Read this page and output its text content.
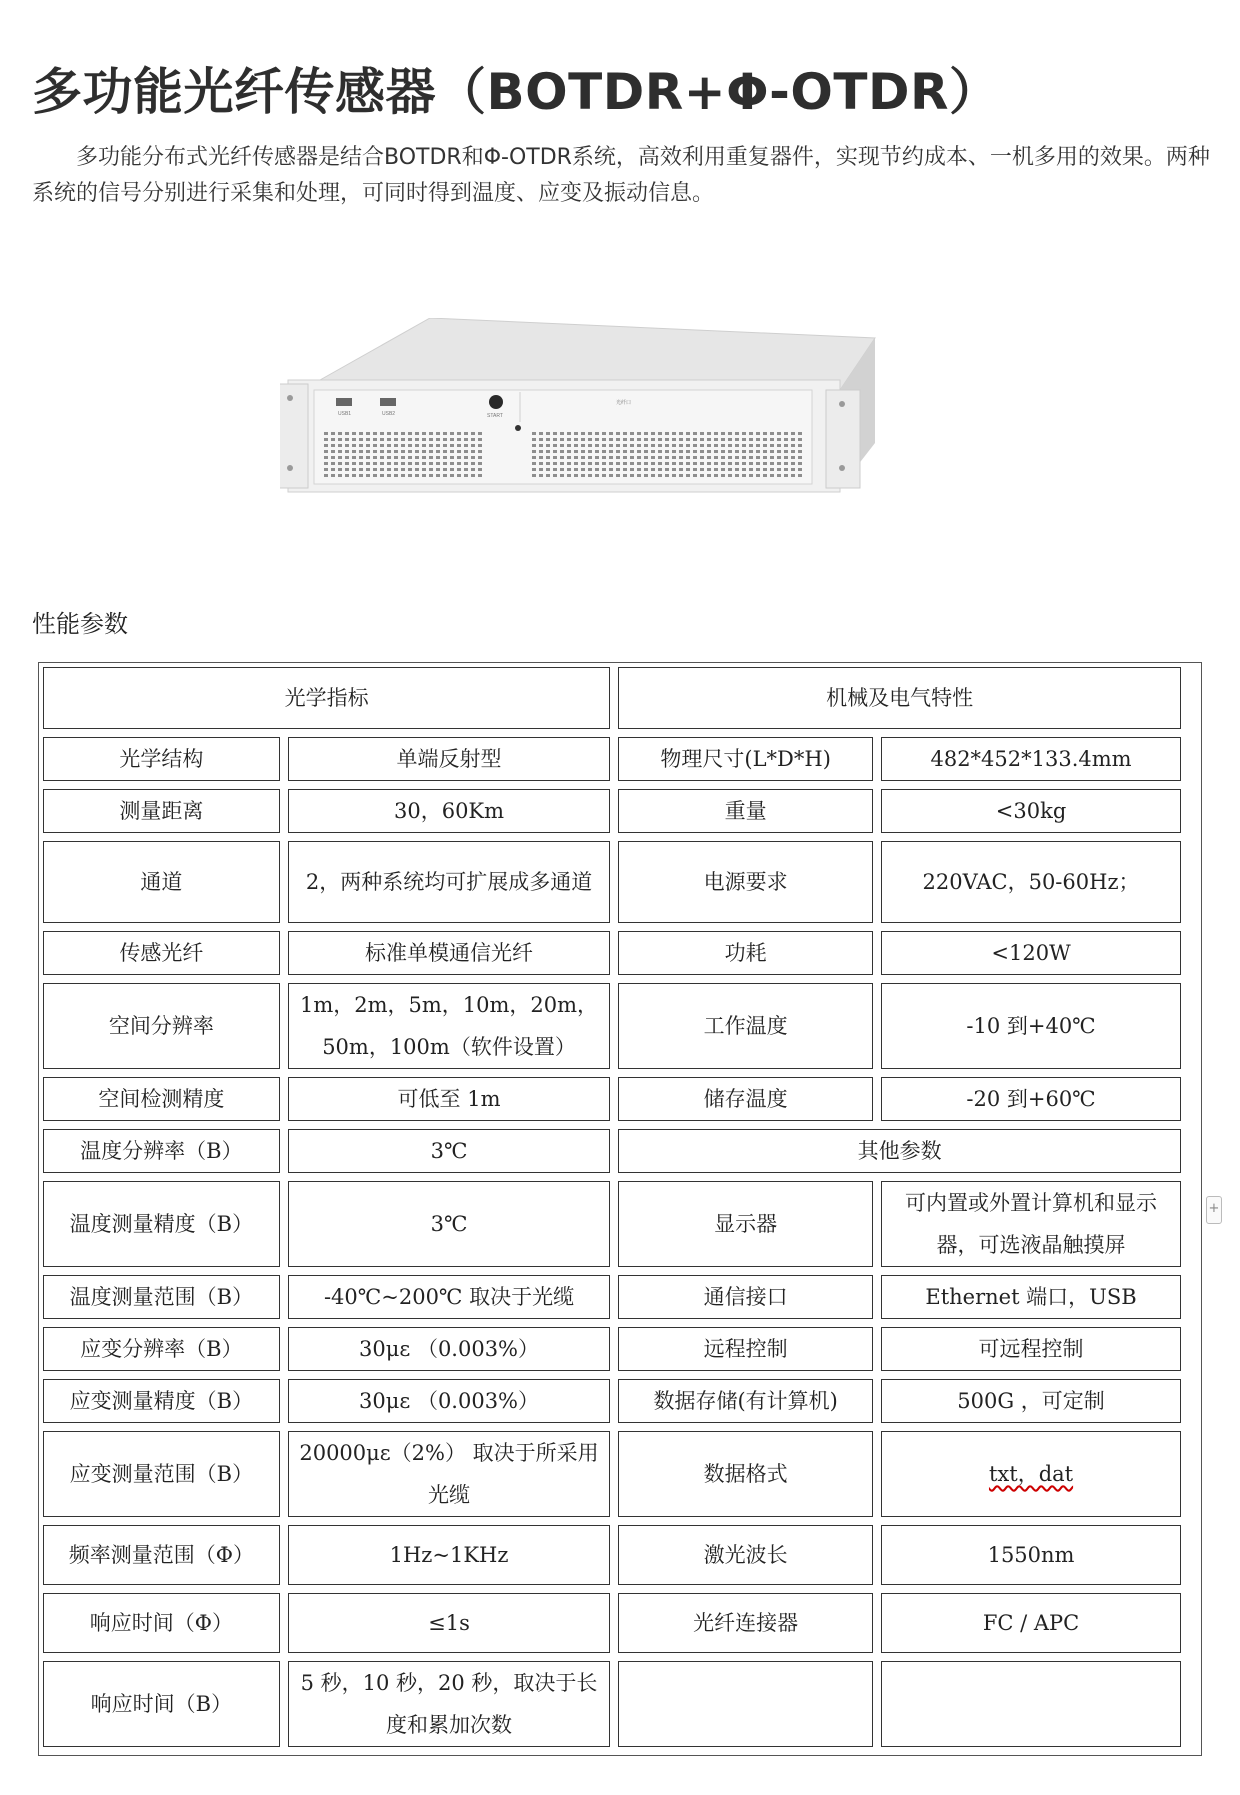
多功能光纤传感器（BOTDR+Φ-OTDR）

多功能分布式光纤传感器是结合BOTDR和Φ-OTDR系统，高效利用重复器件，实现节约成本、一机多用的效果。两种系统的信号分别进行采集和处理，可同时得到温度、应变及振动信息。

USB1	USB2	START
光纤口
性能参数
光学指标		机械及电气特性	
光学结构	单端反射型	物理尺寸(L*D*H)	482*452*133.4mm
测量距离	30，60Km	重量	<30kg
通道	2，两种系统均可扩展成多通道	电源要求	220VAC，50-60Hz；
传感光纤	标准单模通信光纤	功耗	<120W
空间分辨率	1m，2m，5m，10m，20m，50m，100m（软件设置）	工作温度	-10 到+40℃
空间检测精度	可低至 1m	储存温度	-20 到+60℃
温度分辨率（B）	3℃	其他参数	
温度测量精度（B）	3℃	显示器	可内置或外置计算机和显示器，可选液晶触摸屏
温度测量范围（B）	-40℃~200℃ 取决于光缆	通信接口	Ethernet 端口，USB
应变分辨率（B）	30με （0.003%）	远程控制	可远程控制
应变测量精度（B）	30με （0.003%）	数据存储(有计算机)	500G ，可定制
应变测量范围（B）	20000με（2%） 取决于所采用光缆	数据格式	txt，dat
频率测量范围（Φ）	1Hz~1KHz	激光波长	1550nm
响应时间（Φ）	≤1s	光纤连接器	FC / APC
响应时间（B）	5 秒，10 秒，20 秒，取决于长度和累加次数		
+
